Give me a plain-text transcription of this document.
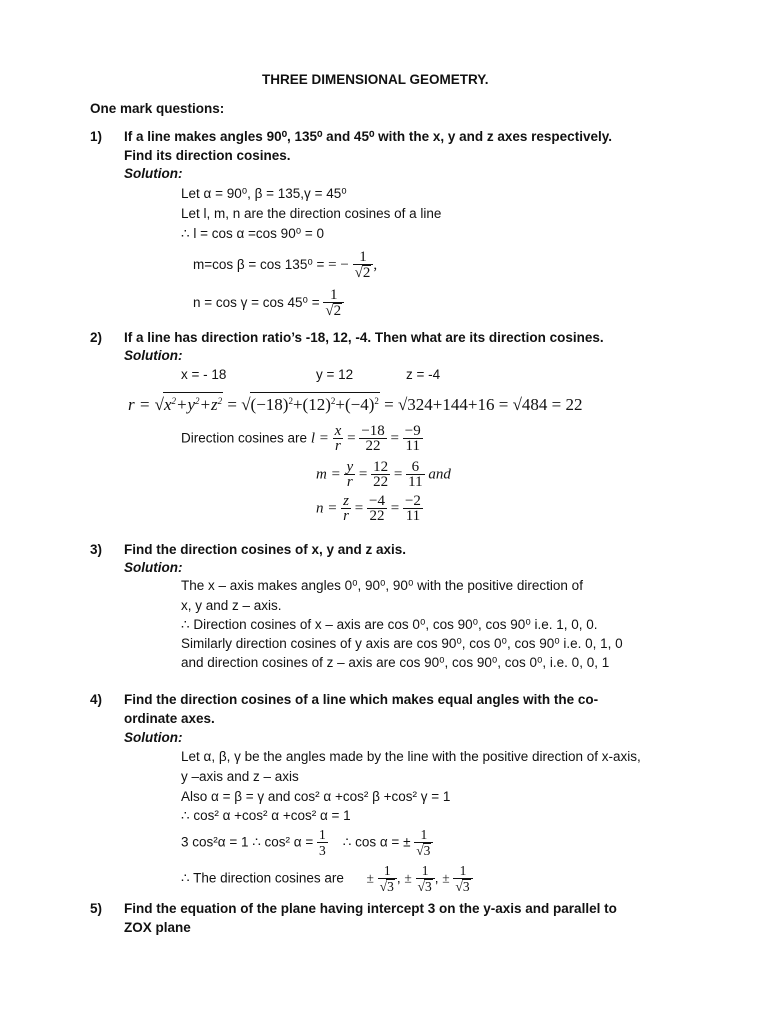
THREE DIMENSIONAL GEOMETRY.
One mark questions:
1) If a line makes angles 90⁰, 135⁰ and 45⁰ with the x, y and z axes respectively.
Find its direction cosines.
Solution:
Let α = 90⁰, β = 135,γ = 45⁰
Let l, m, n are the direction cosines of a line
∴ l = cos α =cos 90⁰ = 0
m=cos β = cos 135⁰ = = − $\frac{1}{√2}$ ,
$n = \cos \gamma = \cos 45^0 = \frac{1}{√2}$
2) If a line has direction ratio’s -18, 12, -4. Then what are its direction cosines.
Solution:
x = - 18	y = 12	z = -4
$r = √x^2+y^2+z^2 = √(-18)^2+(12)^2+(-4)^2 = √324+144+16 = √484 = 22$
Direction cosines are $l = \frac{x}{r} = \frac{-18}{22} = \frac{-9}{11}$
$m = \frac{y}{r} = \frac{12}{22} = \frac{6}{11}$ and
$n = \frac{z}{r} = \frac{-4}{22} = \frac{-2}{11}$
3) Find the direction cosines of x, y and z axis.
Solution:
The x – axis makes angles 0⁰, 90⁰, 90⁰ with the positive direction of
x, y and z – axis.
∴ Direction cosines of x – axis are cos 0⁰, cos 90⁰, cos 90⁰ i.e. 1, 0, 0.
Similarly direction cosines of y axis are cos 90⁰, cos 0⁰, cos 90⁰ i.e. 0, 1, 0
and direction cosines of z – axis are cos 90⁰, cos 90⁰, cos 0⁰, i.e. 0, 0, 1
4) Find the direction cosines of a line which makes equal angles with the co-
ordinate axes.
Solution:
Let α, β, γ be the angles made by the line with the positive direction of x-axis,
y –axis and z – axis
Also α = β = γ and cos² α +cos² β +cos² γ = 1
∴ cos² α +cos² α +cos² α = 1
3 cos²α = 1 ∴ cos² $\alpha = \frac{1}{3}$ ∴ cos α = ± $\frac{1}{√3}$
∴ The direction cosines are ± $\frac{1}{√3}$ , ± $\frac{1}{√3}$ , ± $\frac{1}{√3}$
5) Find the equation of the plane having intercept 3 on the y-axis and parallel to
ZOX plane
